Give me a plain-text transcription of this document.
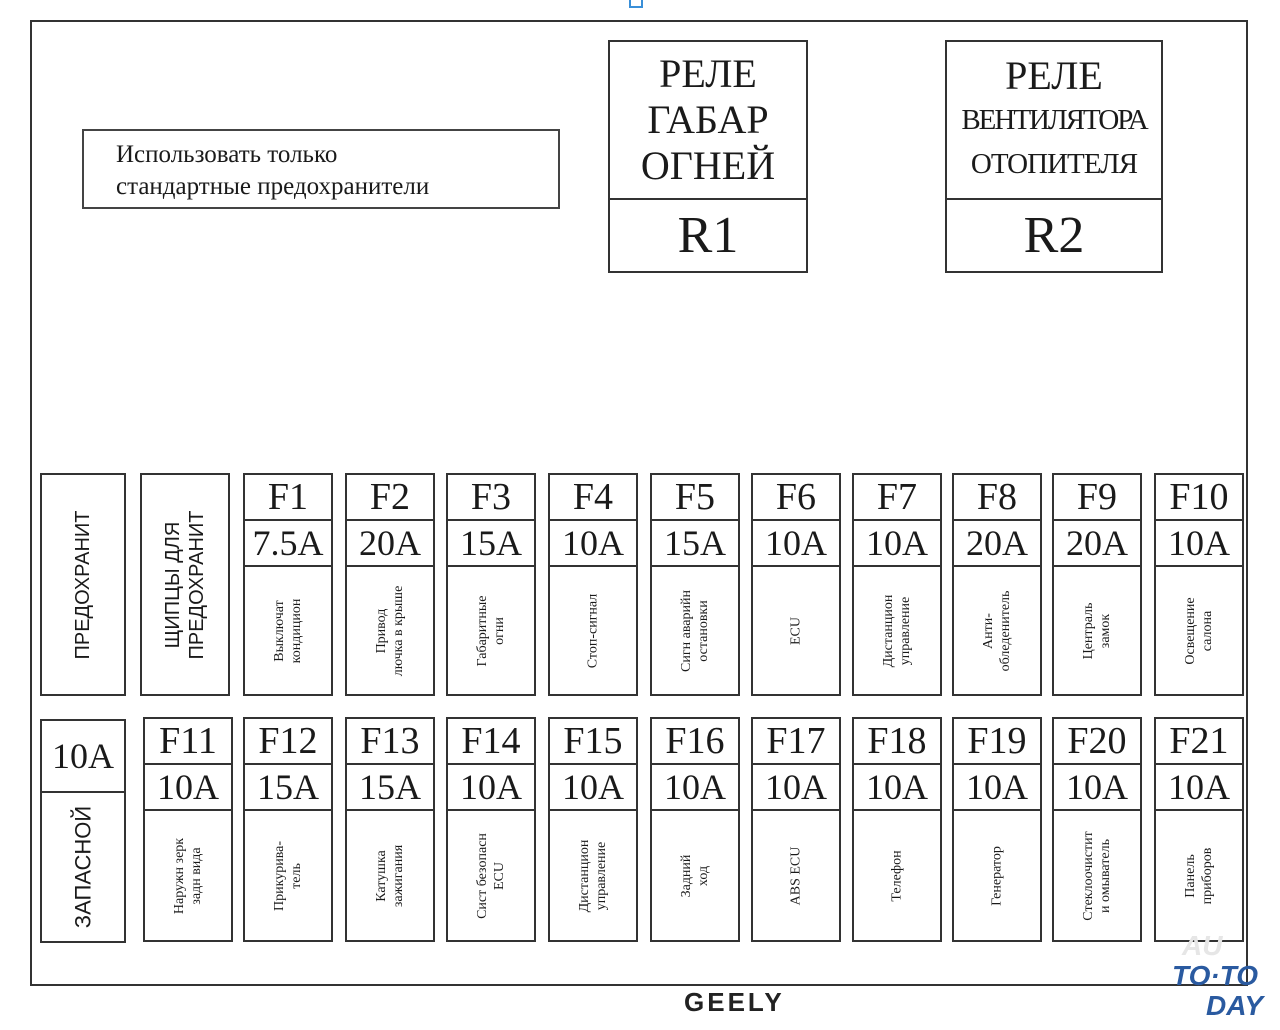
Использовать только
стандартные предохранители
РЕЛЕ
ГАБАР
ОГНЕЙ
R1
РЕЛЕ
ВЕНТИЛЯТОРА
ОТОПИТЕЛЯ
R2
ПРЕДОХРАНИТ	ЩИПЦЫ ДЛЯ ПРЕДОХРАНИТ
10А
ЗАПАСНОЙ
F1
7.5A
Выключат кондицион
F2
20A
Привод лючка в крыше
F3
15A
Габаритные огни
F4
10A
Стоп-сигнал
F5
15A
Сигн аварийн остановки
F6
10A
ECU
F7
10A
Дистанцион управление
F8
20A
Анти- обледенитель
F9
20A
Централь замок
F10
10A
Освещение салона
F11
10A
Наружн зерк задн вида
F12
15A
Прикурива- тель
F13
15A
Катушка зажигания
F14
10A
Сист безопасн ECU
F15
10A
Дистанцион управление
F16
10A
Задний ход
F17
10A
ABS ECU
F18
10A
Телефон
F19
10A
Генератор
F20
10A
Стеклоочистит и омыватель
F21
10A
Панель приборов
GEELY
AU
TO·TO
DAY
